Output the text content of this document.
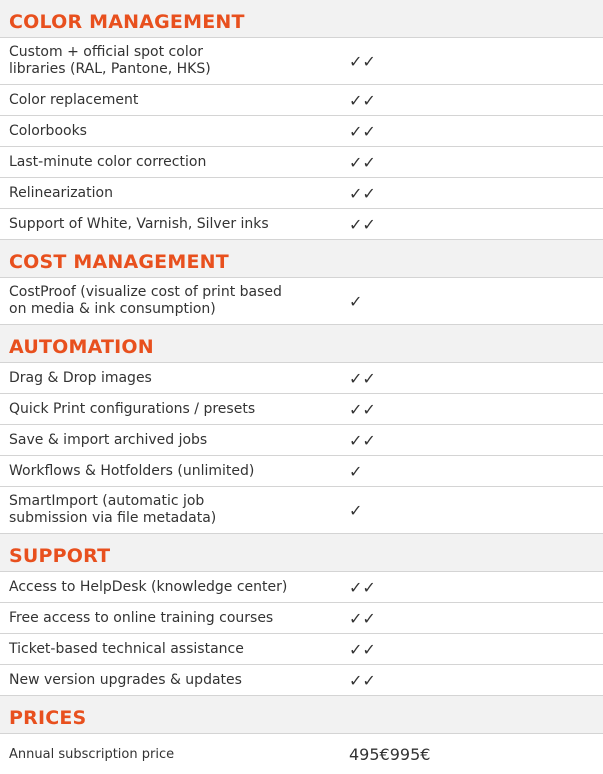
COLOR MANAGEMENT
Custom + official spot color
libraries (RAL, Pantone, HKS)	✓ ✓
Color replacement	✓ ✓
Colorbooks	✓ ✓
Last-minute color correction	✓ ✓
Relinearization	✓ ✓
Support of White, Varnish, Silver inks	✓ ✓
COST MANAGEMENT
CostProof (visualize cost of print based
on media & ink consumption)	✓
AUTOMATION
Drag & Drop images	✓ ✓
Quick Print configurations / presets	✓ ✓
Save & import archived jobs	✓ ✓
Workflows & Hotfolders (unlimited)	✓
SmartImport (automatic job
submission via file metadata)	✓
SUPPORT
Access to HelpDesk (knowledge center)	✓ ✓
Free access to online training courses	✓ ✓
Ticket-based technical assistance	✓ ✓
New version upgrades & updates	✓ ✓
PRICES
Annual subscription price	495€ 995€
